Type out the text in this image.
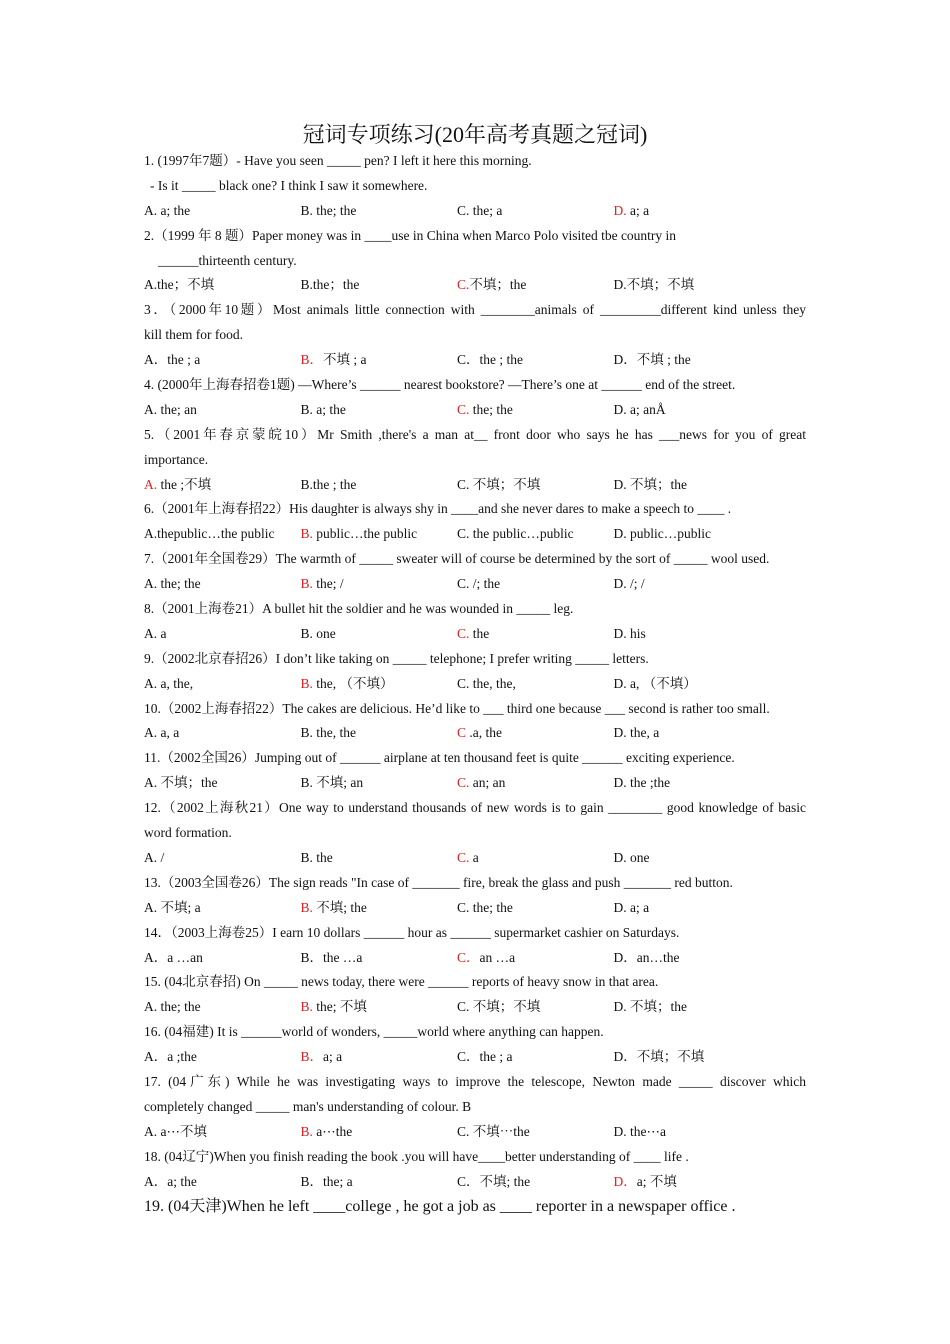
冠词专项练习(20年高考真题之冠词)
1. (1997年7题）- Have you seen _____ pen? I left it here this morning.
- Is it _____ black one? I think I saw it somewhere.
A. a; the	B. the; the	C. the; a	D. a; a
2.（1999 年 8 题）Paper money was in ____use in China when Marco Polo visited tbe country in
______thirteenth century.
A.the；不填	B.the；the	C.不填；the	D.不填；不填
3．（2000年10题）Most animals little connection with ________animals of _________different kind unless they
kill them for food.
A．the ; a	B．不填 ; a	C．the ; the	D．不填 ; the
4. (2000年上海春招卷1题) —Where’s ______ nearest bookstore? —There’s one at ______ end of the street.
A. the; an	B. a; the	C. the; the	D. a; anÅ
5.（2001年春京蒙皖10）Mr Smith ,there's a man at__ front door who says he has ___news for you of great
importance.
A. the ;不填	B.the ; the	C. 不填；不填	D. 不填；the
6.（2001年上海春招22）His daughter is always shy in ____and she never dares to make a speech to ____ .
A.thepublic…the public	B. public…the public	C. the public…public	D. public…public
7.（2001年全国卷29）The warmth of _____ sweater will of course be determined by the sort of _____ wool used.
A. the; the	B. the; /	C. /; the	D. /; /
8.（2001上海卷21）A bullet hit the soldier and he was wounded in _____ leg.
A. a	B. one	C. the	D. his
9.（2002北京春招26）I don’t like taking on _____ telephone; I prefer writing _____ letters.
A. a, the,	B. the, （不填）	C. the, the,	D. a, （不填）
10.（2002上海春招22）The cakes are delicious. He’d like to ___ third one because ___ second is rather too small.
A. a, a	B. the, the	C .a, the	D. the, a
11.（2002全国26）Jumping out of ______ airplane at ten thousand feet is quite ______ exciting experience.
A. 不填；the	B. 不填; an	C. an; an	D. the ;the
12.（2002上海秋21）One way to understand thousands of new words is to gain ________ good knowledge of basic
word formation.
A. /	B. the	C. a	D. one
13.（2003全国卷26）The sign reads "In case of _______ fire, break the glass and push _______ red button.
A. 不填; a	B. 不填; the	C. the; the	D. a; a
14．（2003上海卷25）I earn 10 dollars ______ hour as ______ supermarket cashier on Saturdays.
A．a …an	B．the …a	C．an …a	D．an…the
15. (04北京春招) On _____ news today, there were ______ reports of heavy snow in that area.
A. the; the	B. the; 不填	C. 不填；不填	D. 不填；the
16. (04福建) It is ______world of wonders, _____world where anything can happen.
A．a ;the	B．a; a	C．the ; a	D．不填；不填
17. (04广东) While he was investigating ways to improve the telescope, Newton made _____ discover which
completely changed _____ man's understanding of colour. B
A. a⋯不填	B. a⋯the	C. 不填⋯the	D. the⋯a
18. (04辽宁)When you finish reading the book .you will have____better understanding of ____ life .
A．a; the	B．the; a	C．不填; the	D．a; 不填
19. (04天津)When he left ____college , he got a job as ____ reporter in a newspaper office .
